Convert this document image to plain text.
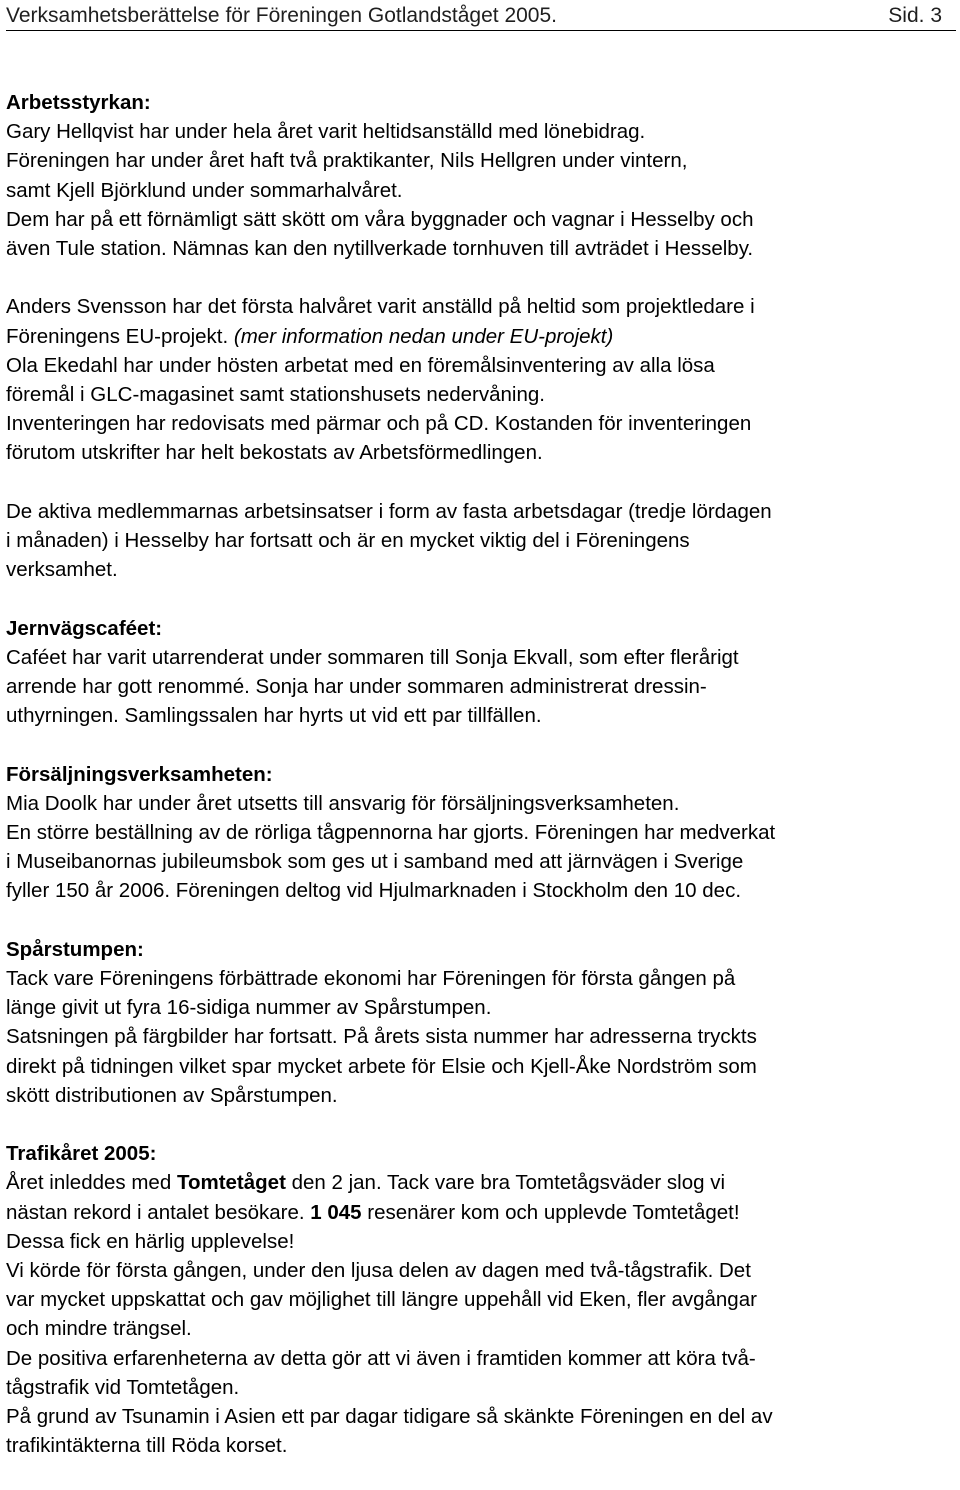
Verksamhetsberättelse för Föreningen Gotlandståget 2005.	Sid. 3
Arbetsstyrkan:
Gary Hellqvist har under hela året varit heltidsanställd med lönebidrag.
Föreningen har under året haft två praktikanter, Nils Hellgren under vintern,
samt Kjell Björklund under sommarhalvåret.
Dem har på ett förnämligt sätt skött om våra byggnader och vagnar i Hesselby och
även Tule station. Nämnas kan den nytillverkade tornhuven till avträdet i Hesselby.
Anders Svensson har det första halvåret varit anställd på heltid som projektledare i
Föreningens EU-projekt. (mer information nedan under EU-projekt)
Ola Ekedahl har under hösten arbetat med en föremålsinventering av alla lösa
föremål i GLC-magasinet samt stationshusets nedervåning.
Inventeringen har redovisats med pärmar och på CD. Kostanden för inventeringen
förutom utskrifter har helt bekostats av Arbetsförmedlingen.
De aktiva medlemmarnas arbetsinsatser i form av fasta arbetsdagar (tredje lördagen
i månaden) i Hesselby har fortsatt och är en mycket viktig del i Föreningens
verksamhet.
Jernvägscaféet:
Caféet har varit utarrenderat under sommaren till Sonja Ekvall, som efter flerårigt
arrende har gott renommé. Sonja har under sommaren administrerat dressin-
uthyrningen. Samlingssalen har hyrts ut vid ett par tillfällen.
Försäljningsverksamheten:
Mia Doolk har under året utsetts till ansvarig för försäljningsverksamheten.
En större beställning av de rörliga tågpennorna har gjorts. Föreningen har medverkat
i Museibanornas jubileumsbok som ges ut i samband med att järnvägen i Sverige
fyller 150 år 2006. Föreningen deltog vid Hjulmarknaden i Stockholm den 10 dec.
Spårstumpen:
Tack vare Föreningens förbättrade ekonomi har Föreningen för första gången på
länge givit ut fyra 16-sidiga nummer av Spårstumpen.
Satsningen på färgbilder har fortsatt. På årets sista nummer har adresserna tryckts
direkt på tidningen vilket spar mycket arbete för Elsie och Kjell-Åke Nordström som
skött distributionen av Spårstumpen.
Trafikåret 2005:
Året inleddes med Tomtetåget den 2 jan. Tack vare bra Tomtetågsväder slog vi
nästan rekord i antalet besökare. 1 045 resenärer kom och upplevde Tomtetåget!
Dessa fick en härlig upplevelse!
Vi körde för första gången, under den ljusa delen av dagen med två-tågstrafik. Det
var mycket uppskattat och gav möjlighet till längre uppehåll vid Eken, fler avgångar
och mindre trängsel.
De positiva erfarenheterna av detta gör att vi även i framtiden kommer att köra två-
tågstrafik vid Tomtetågen.
På grund av Tsunamin i Asien ett par dagar tidigare så skänkte Föreningen en del av
trafikintäkterna till Röda korset.
